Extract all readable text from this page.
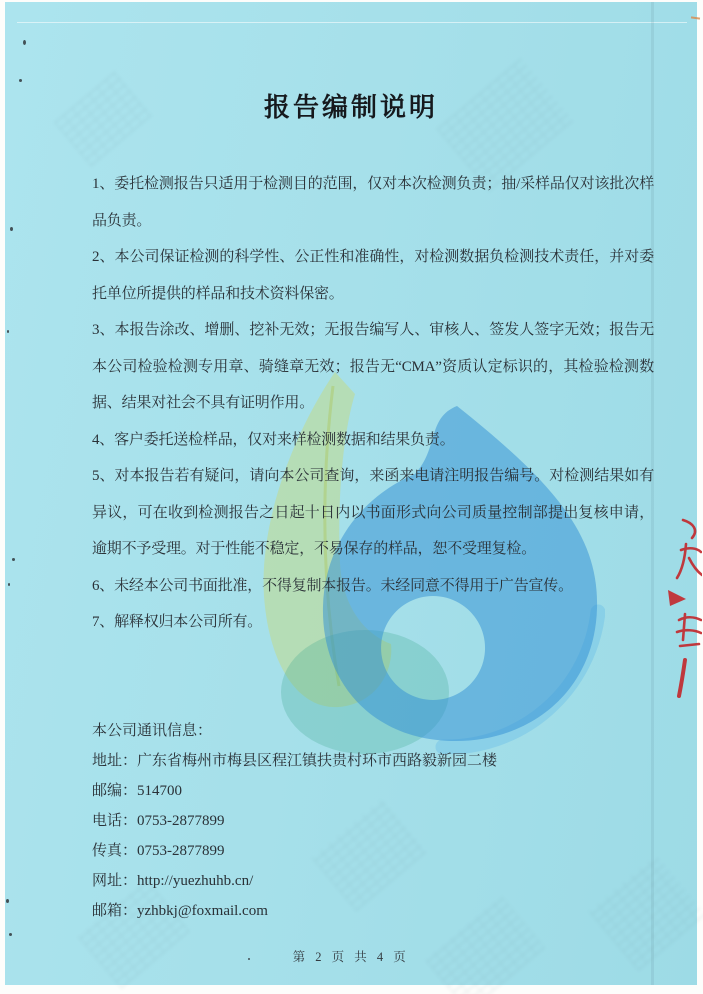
报告编制说明

1、委托检测报告只适用于检测目的范围，仅对本次检测负责；抽/采样品仅对该批次样品负责。

2、本公司保证检测的科学性、公正性和准确性，对检测数据负检测技术责任，并对委托单位所提供的样品和技术资料保密。

3、本报告涂改、增删、挖补无效；无报告编写人、审核人、签发人签字无效；报告无本公司检验检测专用章、骑缝章无效；报告无“CMA”资质认定标识的，其检验检测数据、结果对社会不具有证明作用。

4、客户委托送检样品，仅对来样检测数据和结果负责。

5、对本报告若有疑问，请向本公司查询，来函来电请注明报告编号。对检测结果如有异议，可在收到检测报告之日起十日内以书面形式向公司质量控制部提出复核申请，逾期不予受理。对于性能不稳定，不易保存的样品，恕不受理复检。

6、未经本公司书面批准，不得复制本报告。未经同意不得用于广告宣传。

7、解释权归本公司所有。

本公司通讯信息：
地址：广东省梅州市梅县区程江镇扶贵村环市西路毅新园二楼
邮编：514700
电话：0753-2877899
传真：0753-2877899
网址：http://yuezhuhb.cn/
邮箱：yzhbkj@foxmail.com
第 2 页 共 4 页
